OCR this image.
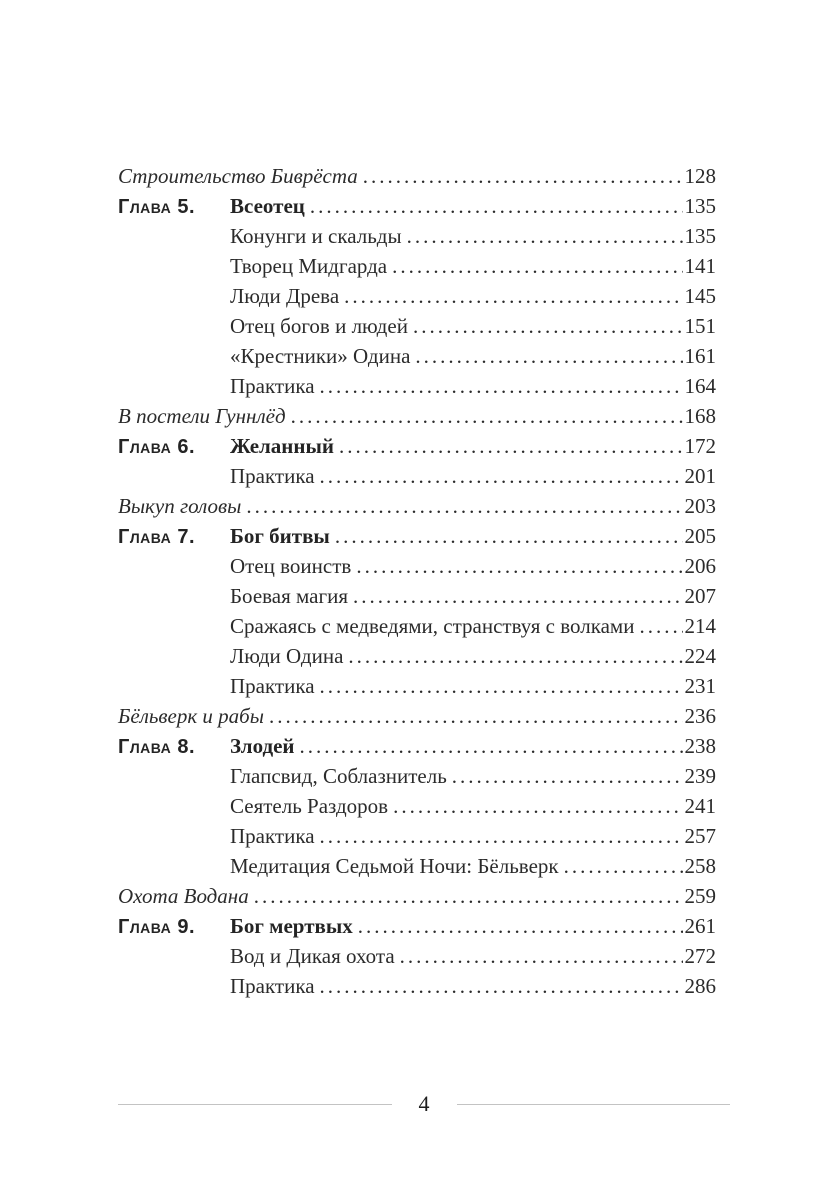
Строительство Биврёста .....	128
Глава 5.	Всеотец .....	135
Конунги и скальды .....	135
Творец Мидгарда .....	141
Люди Древа .....	145
Отец богов и людей .....	151
«Крестники» Одина .....	161
Практика .....	164
В постели Гуннлёд .....	168
Глава 6.	Желанный .....	172
Практика .....	201
Выкуп головы .....	203
Глава 7.	Бог битвы .....	205
Отец воинств .....	206
Боевая магия .....	207
Сражаясь с медведями, странствуя с волками ..... 214
Люди Одина .....	224
Практика .....	231
Бёльверк и рабы .....	236
Глава 8.	Злодей .....	238
Глапсвид, Соблазнитель .....	239
Сеятель Раздоров .....	241
Практика .....	257
Медитация Седьмой Ночи: Бёльверк .....	258
Охота Водана .....	259
Глава 9.	Бог мертвых .....	261
Вод и Дикая охота .....	272
Практика .....	286
4
